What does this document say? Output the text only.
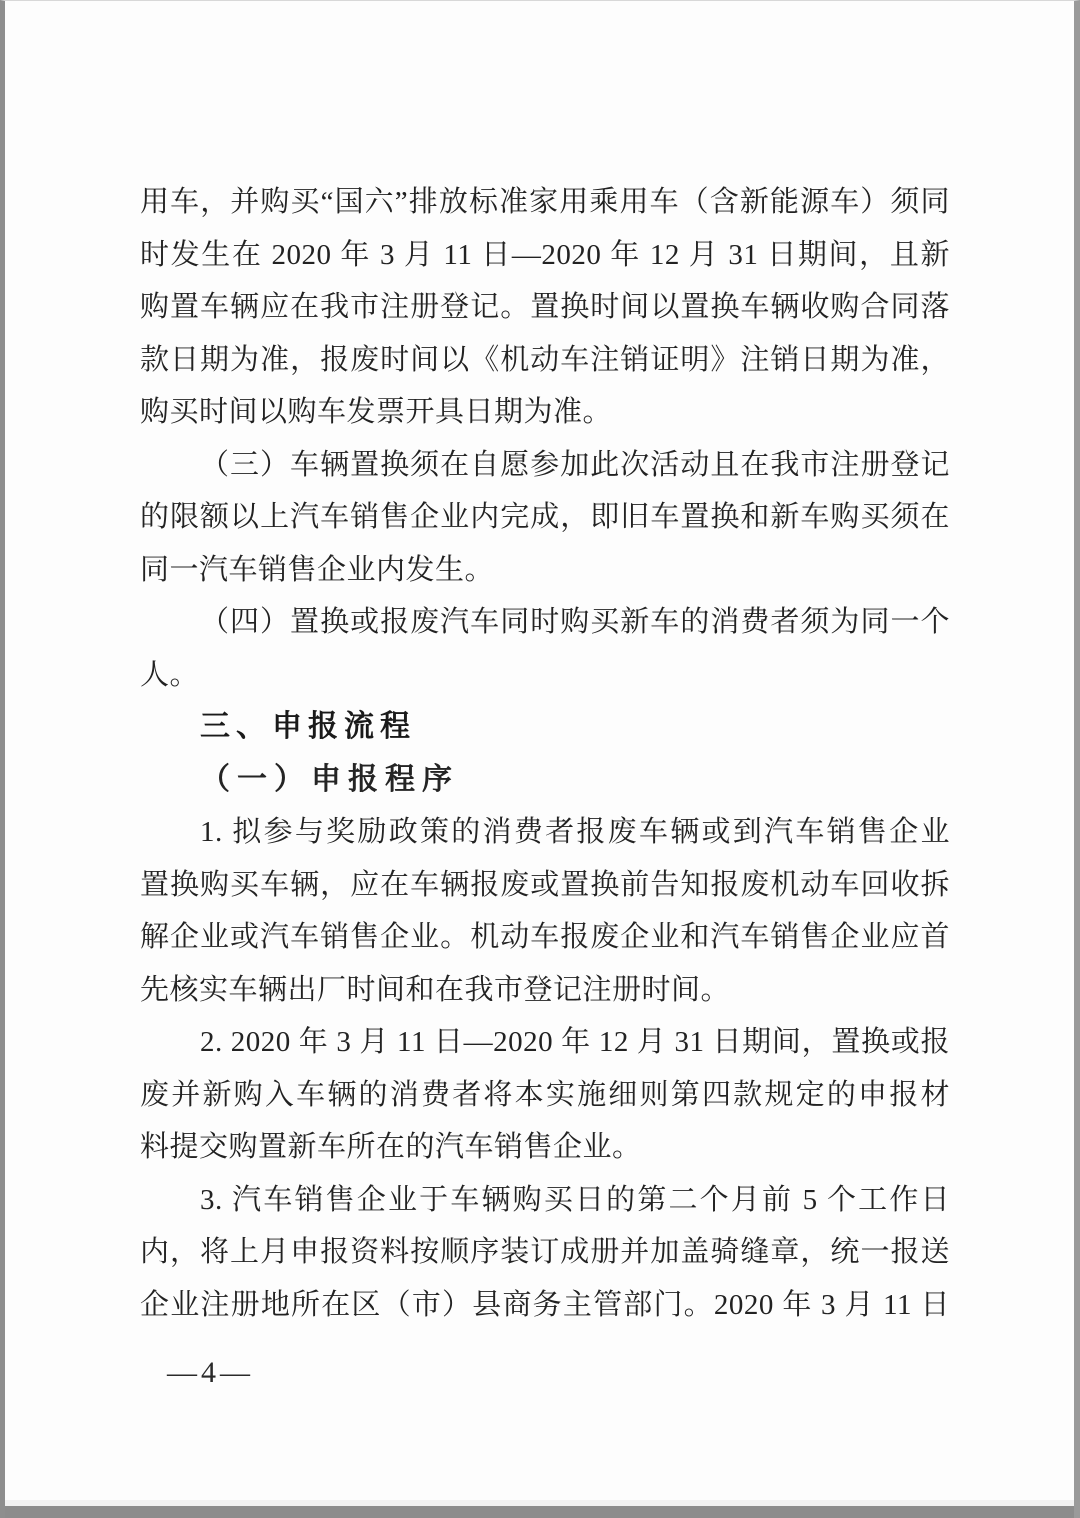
用车，并购买“国六”排放标准家用乘用车（含新能源车）须同
时发生在 2020 年 3 月 11 日—2020 年 12 月 31 日期间，且新
购置车辆应在我市注册登记。置换时间以置换车辆收购合同落
款日期为准，报废时间以《机动车注销证明》注销日期为准，
购买时间以购车发票开具日期为准。
（三）车辆置换须在自愿参加此次活动且在我市注册登记
的限额以上汽车销售企业内完成，即旧车置换和新车购买须在
同一汽车销售企业内发生。
（四）置换或报废汽车同时购买新车的消费者须为同一个
人。
三、申报流程
（一）申报程序
1. 拟参与奖励政策的消费者报废车辆或到汽车销售企业
置换购买车辆，应在车辆报废或置换前告知报废机动车回收拆
解企业或汽车销售企业。机动车报废企业和汽车销售企业应首
先核实车辆出厂时间和在我市登记注册时间。
2. 2020 年 3 月 11 日—2020 年 12 月 31 日期间，置换或报
废并新购入车辆的消费者将本实施细则第四款规定的申报材
料提交购置新车所在的汽车销售企业。
3. 汽车销售企业于车辆购买日的第二个月前 5 个工作日
内，将上月申报资料按顺序装订成册并加盖骑缝章，统一报送
企业注册地所在区（市）县商务主管部门。2020 年 3 月 11 日
—4—
